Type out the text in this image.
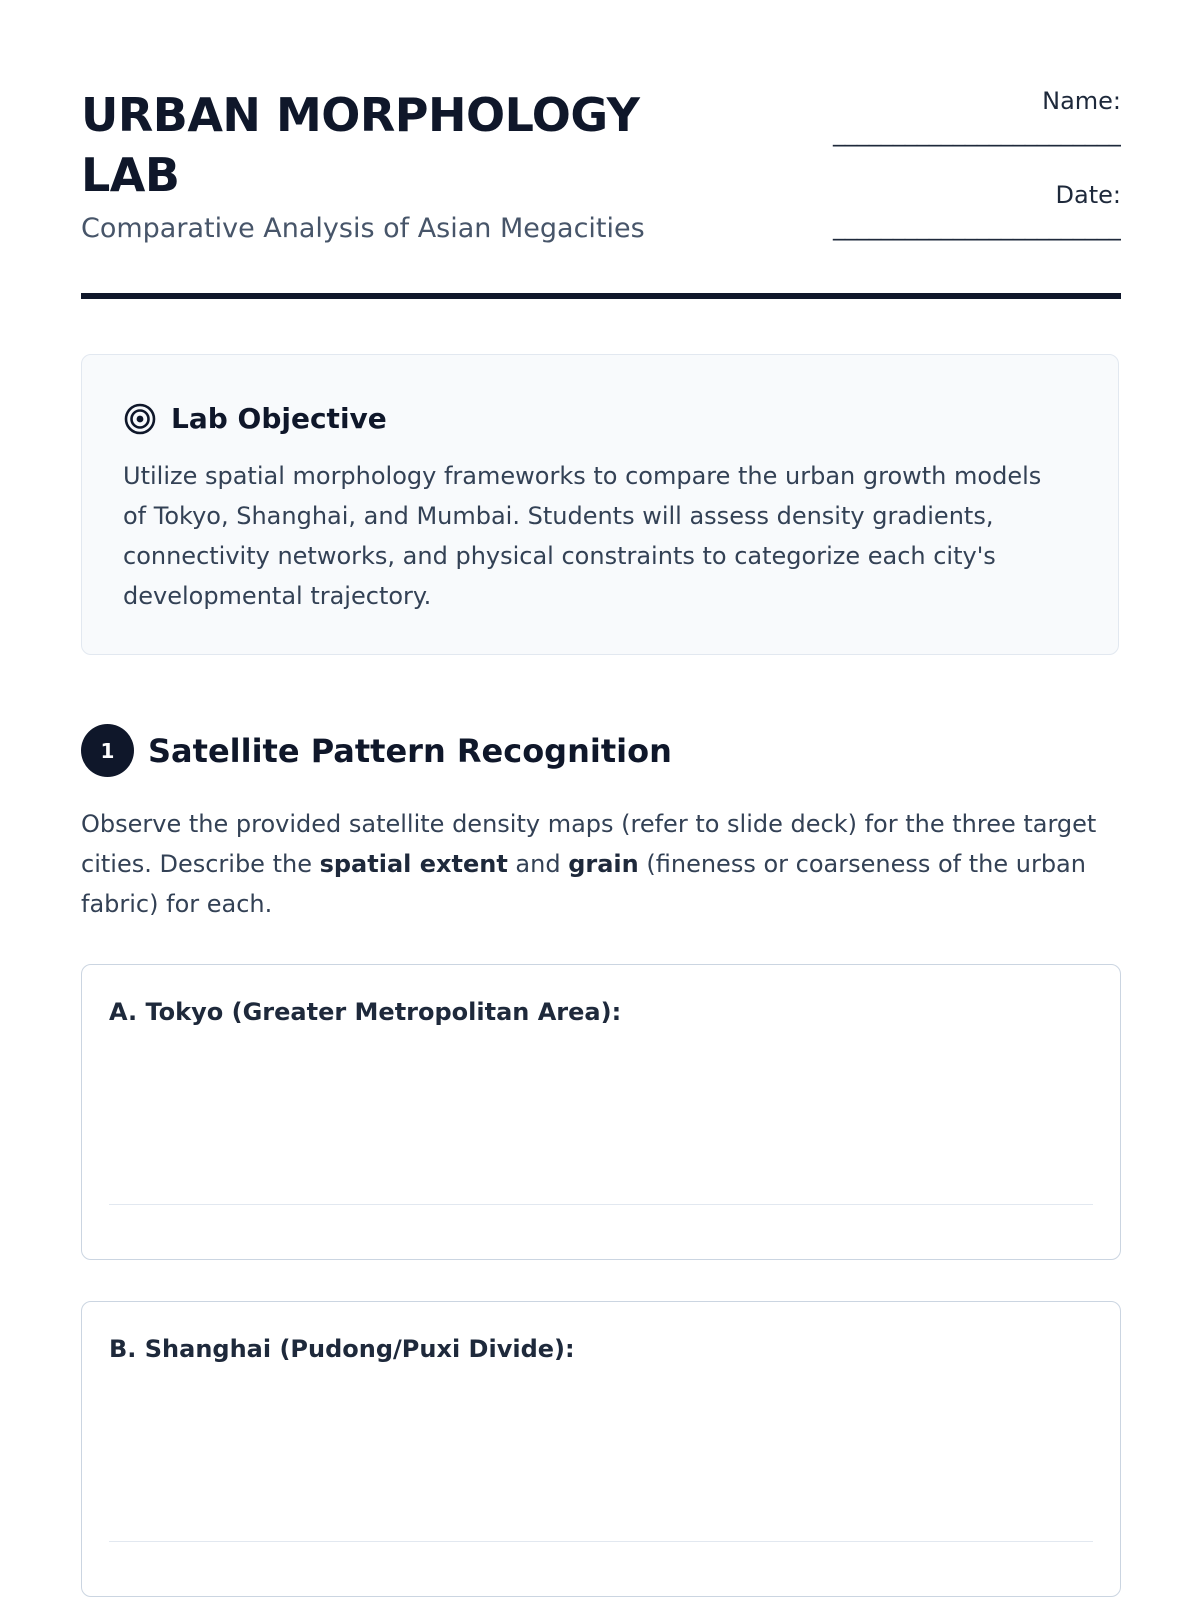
URBAN MORPHOLOGY LAB
Comparative Analysis of Asian Megacities
Name:
________________________
Date:
________________________
Lab Objective
Utilize spatial morphology frameworks to compare the urban growth models of Tokyo, Shanghai, and Mumbai. Students will assess density gradients, connectivity networks, and physical constraints to categorize each city's developmental trajectory.
1	Satellite Pattern Recognition
Observe the provided satellite density maps (refer to slide deck) for the three target cities. Describe the spatial extent and grain (fineness or coarseness of the urban fabric) for each.
A. Tokyo (Greater Metropolitan Area):
B. Shanghai (Pudong/Puxi Divide):
